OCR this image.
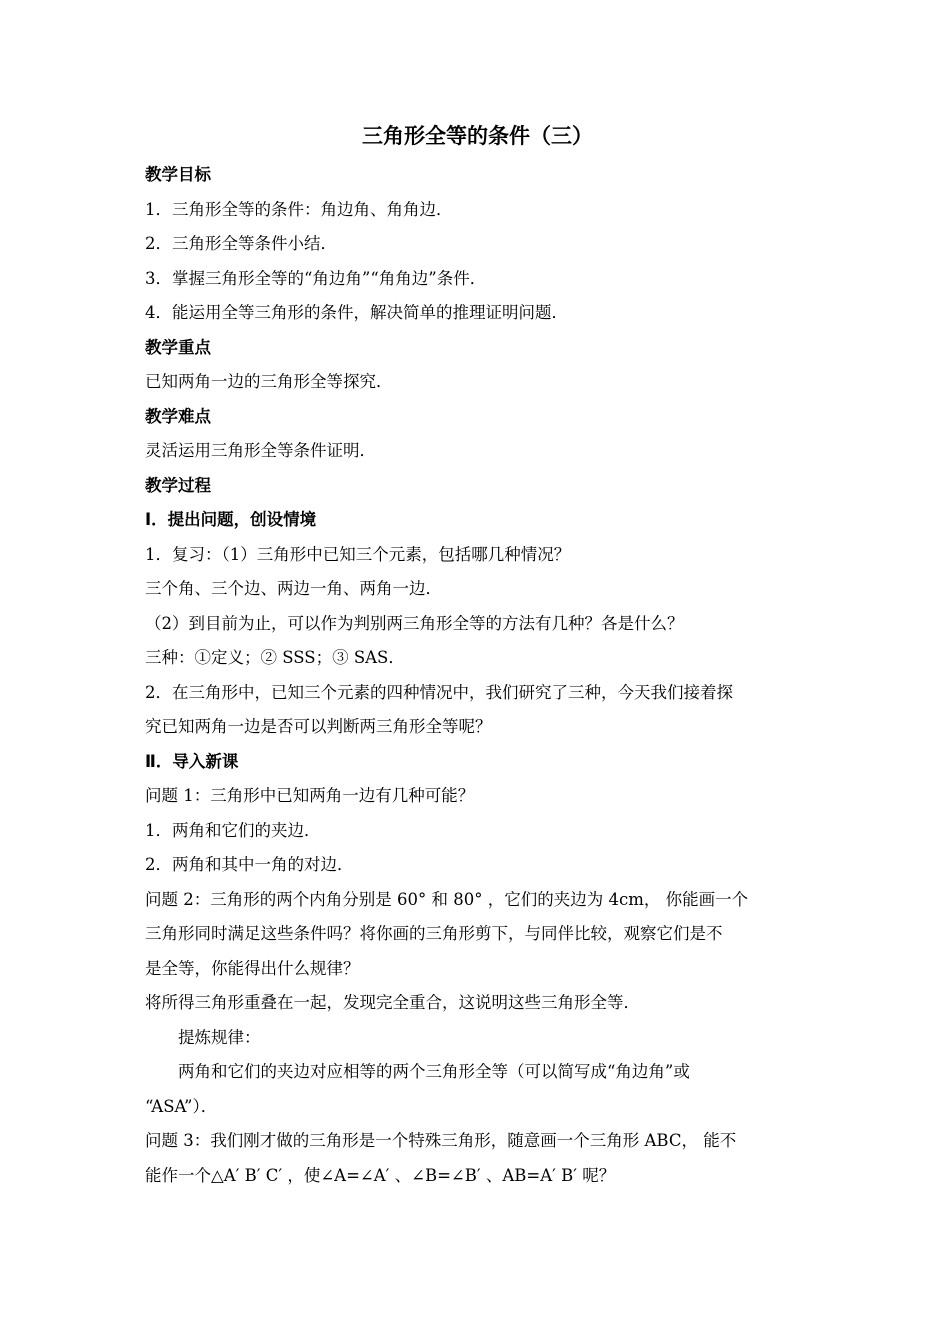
三角形全等的条件（三）
教学目标
1．三角形全等的条件：角边角、角角边．
2．三角形全等条件小结．
3．掌握三角形全等的“角边角”“角角边”条件．
4．能运用全等三角形的条件，解决简单的推理证明问题．
教学重点
已知两角一边的三角形全等探究．
教学难点
灵活运用三角形全等条件证明．
教学过程
Ⅰ．提出问题，创设情境
1．复习：（1）三角形中已知三个元素，包括哪几种情况？
三个角、三个边、两边一角、两角一边．
（2）到目前为止，可以作为判别两三角形全等的方法有几种？各是什么？
三种：①定义；② SSS；③ SAS．
2．在三角形中，已知三个元素的四种情况中，我们研究了三种，今天我们接着探
究已知两角一边是否可以判断两三角形全等呢？
Ⅱ．导入新课
问题 1：三角形中已知两角一边有几种可能？
1．两角和它们的夹边．
2．两角和其中一角的对边．
问题 2：三角形的两个内角分别是 60° 和 80° ，它们的夹边为 4cm， 你能画一个
三角形同时满足这些条件吗？将你画的三角形剪下，与同伴比较，观察它们是不
是全等，你能得出什么规律？
将所得三角形重叠在一起，发现完全重合，这说明这些三角形全等．
提炼规律：
两角和它们的夹边对应相等的两个三角形全等（可以简写成“角边角”或
“ASA”）．
问题 3：我们刚才做的三角形是一个特殊三角形，随意画一个三角形 ABC， 能不
能作一个△A′ B′ C′ ，使∠A=∠A′ 、∠B=∠B′ 、AB=A′ B′ 呢？
